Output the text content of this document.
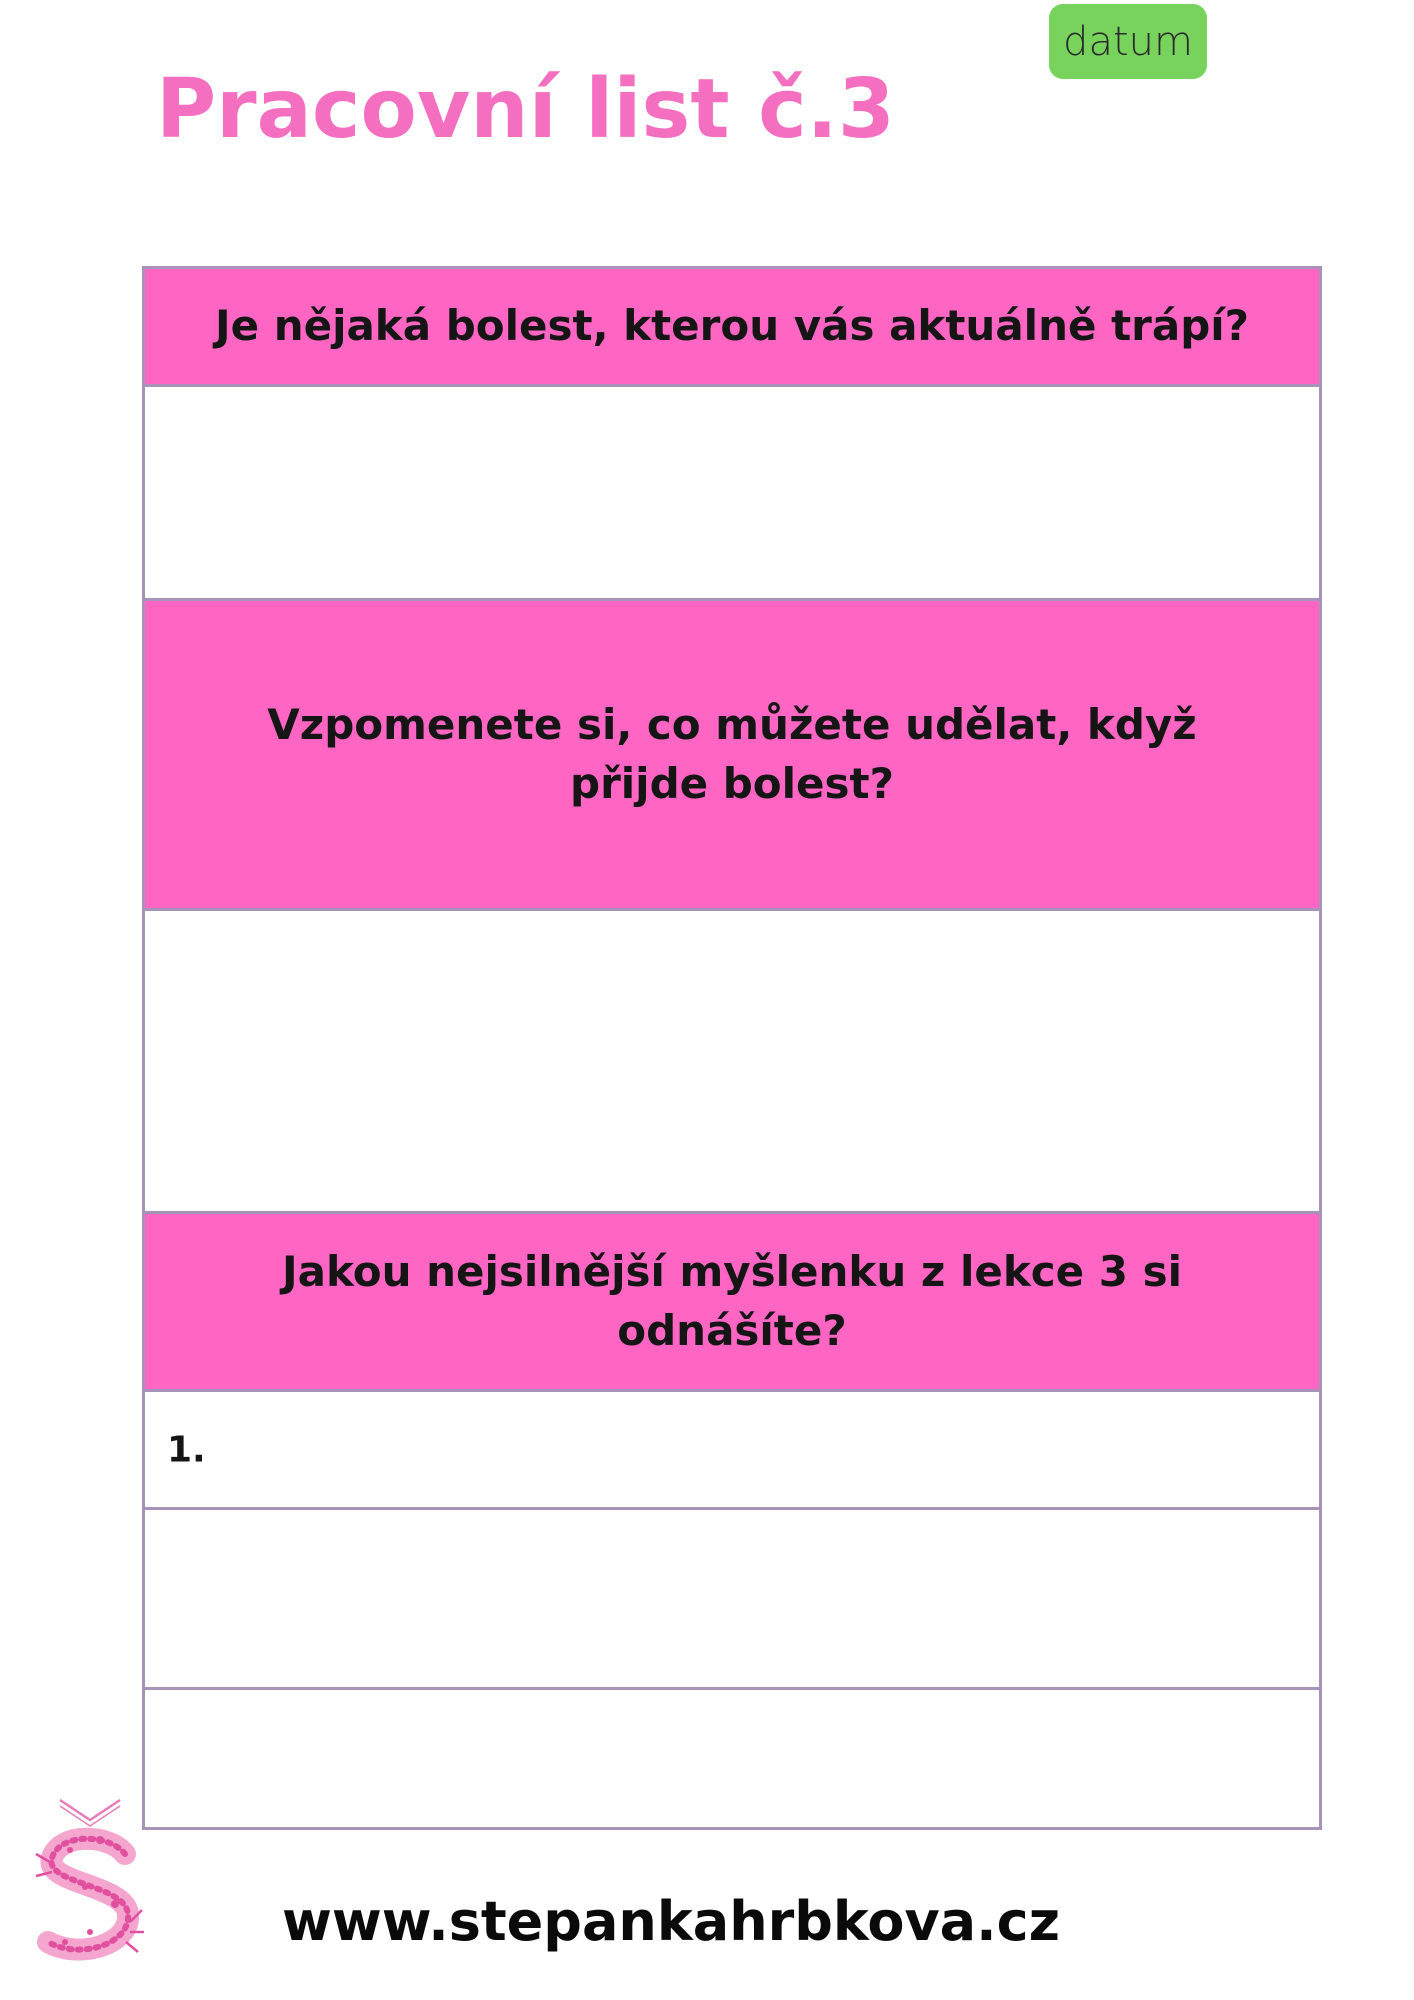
datum
Pracovní list č.3
Je nějaká bolest, kterou vás aktuálně trápí?
Vzpomenete si, co můžete udělat, když přijde bolest?
Jakou nejsilnější myšlenku z lekce 3 si odnášíte?
1.
www.stepankahrbkova.cz
